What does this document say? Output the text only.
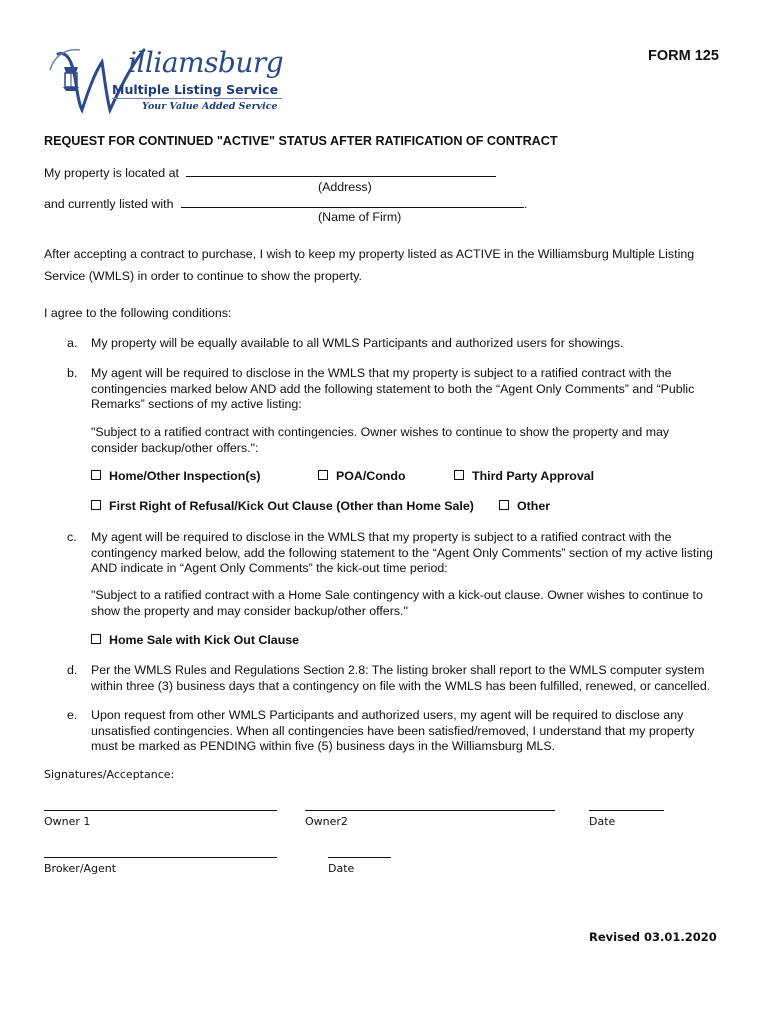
illiamsburg
Multiple Listing Service
Your Value Added Service
FORM 125
REQUEST FOR CONTINUED "ACTIVE" STATUS AFTER RATIFICATION OF CONTRACT
My property is located at
(Address)
and currently listed with	.
(Name of Firm)
After accepting a contract to purchase, I wish to keep my property listed as ACTIVE in the Williamsburg Multiple Listing
Service (WMLS) in order to continue to show the property.
I agree to the following conditions:
a. My property will be equally available to all WMLS Participants and authorized users for showings.
b. My agent will be required to disclose in the WMLS that my property is subject to a ratified contract with the
contingencies marked below AND add the following statement to both the “Agent Only Comments” and “Public
Remarks” sections of my active listing:
"Subject to a ratified contract with contingencies. Owner wishes to continue to show the property and may
consider backup/other offers.":
Home/Other Inspection(s)	POA/Condo	Third Party Approval
First Right of Refusal/Kick Out Clause (Other than Home Sale)	Other
c. My agent will be required to disclose in the WMLS that my property is subject to a ratified contract with the
contingency marked below, add the following statement to the “Agent Only Comments” section of my active listing
AND indicate in “Agent Only Comments” the kick-out time period:
"Subject to a ratified contract with a Home Sale contingency with a kick-out clause. Owner wishes to continue to
show the property and may consider backup/other offers."
Home Sale with Kick Out Clause
d. Per the WMLS Rules and Regulations Section 2.8: The listing broker shall report to the WMLS computer system
within three (3) business days that a contingency on file with the WMLS has been fulfilled, renewed, or cancelled.
e. Upon request from other WMLS Participants and authorized users, my agent will be required to disclose any
unsatisfied contingencies. When all contingencies have been satisfied/removed, I understand that my property
must be marked as PENDING within five (5) business days in the Williamsburg MLS.
Signatures/Acceptance:
Owner 1	Owner2	Date
Broker/Agent	Date
Revised 03.01.2020
